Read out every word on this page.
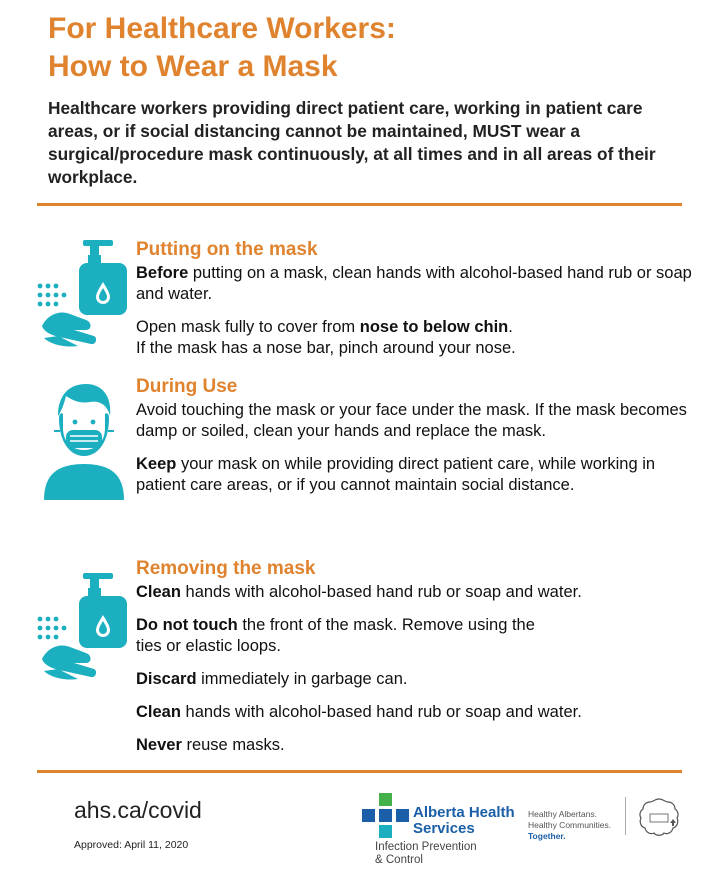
For Healthcare Workers:
How to Wear a Mask
Healthcare workers providing direct patient care, working in patient care areas, or if social distancing cannot be maintained, MUST wear a surgical/procedure mask continuously, at all times and in all areas of their workplace.
Putting on the mask

Before putting on a mask, clean hands with alcohol-based hand rub or soap and water.

Open mask fully to cover from nose to below chin.
If the mask has a nose bar, pinch around your nose.

During Use

Avoid touching the mask or your face under the mask. If the mask becomes damp or soiled, clean your hands and replace the mask.

Keep your mask on while providing direct patient care, while working in patient care areas, or if you cannot maintain social distance.

Removing the mask

Clean hands with alcohol-based hand rub or soap and water.

Do not touch the front of the mask. Remove using the
ties or elastic loops.

Discard immediately in garbage can.

Clean hands with alcohol-based hand rub or soap and water.

Never reuse masks.

ahs.ca/covid
Approved: April 11, 2020
Alberta Health
Services
Infection Prevention
& Control
Healthy Albertans.
Healthy Communities.
Together.
